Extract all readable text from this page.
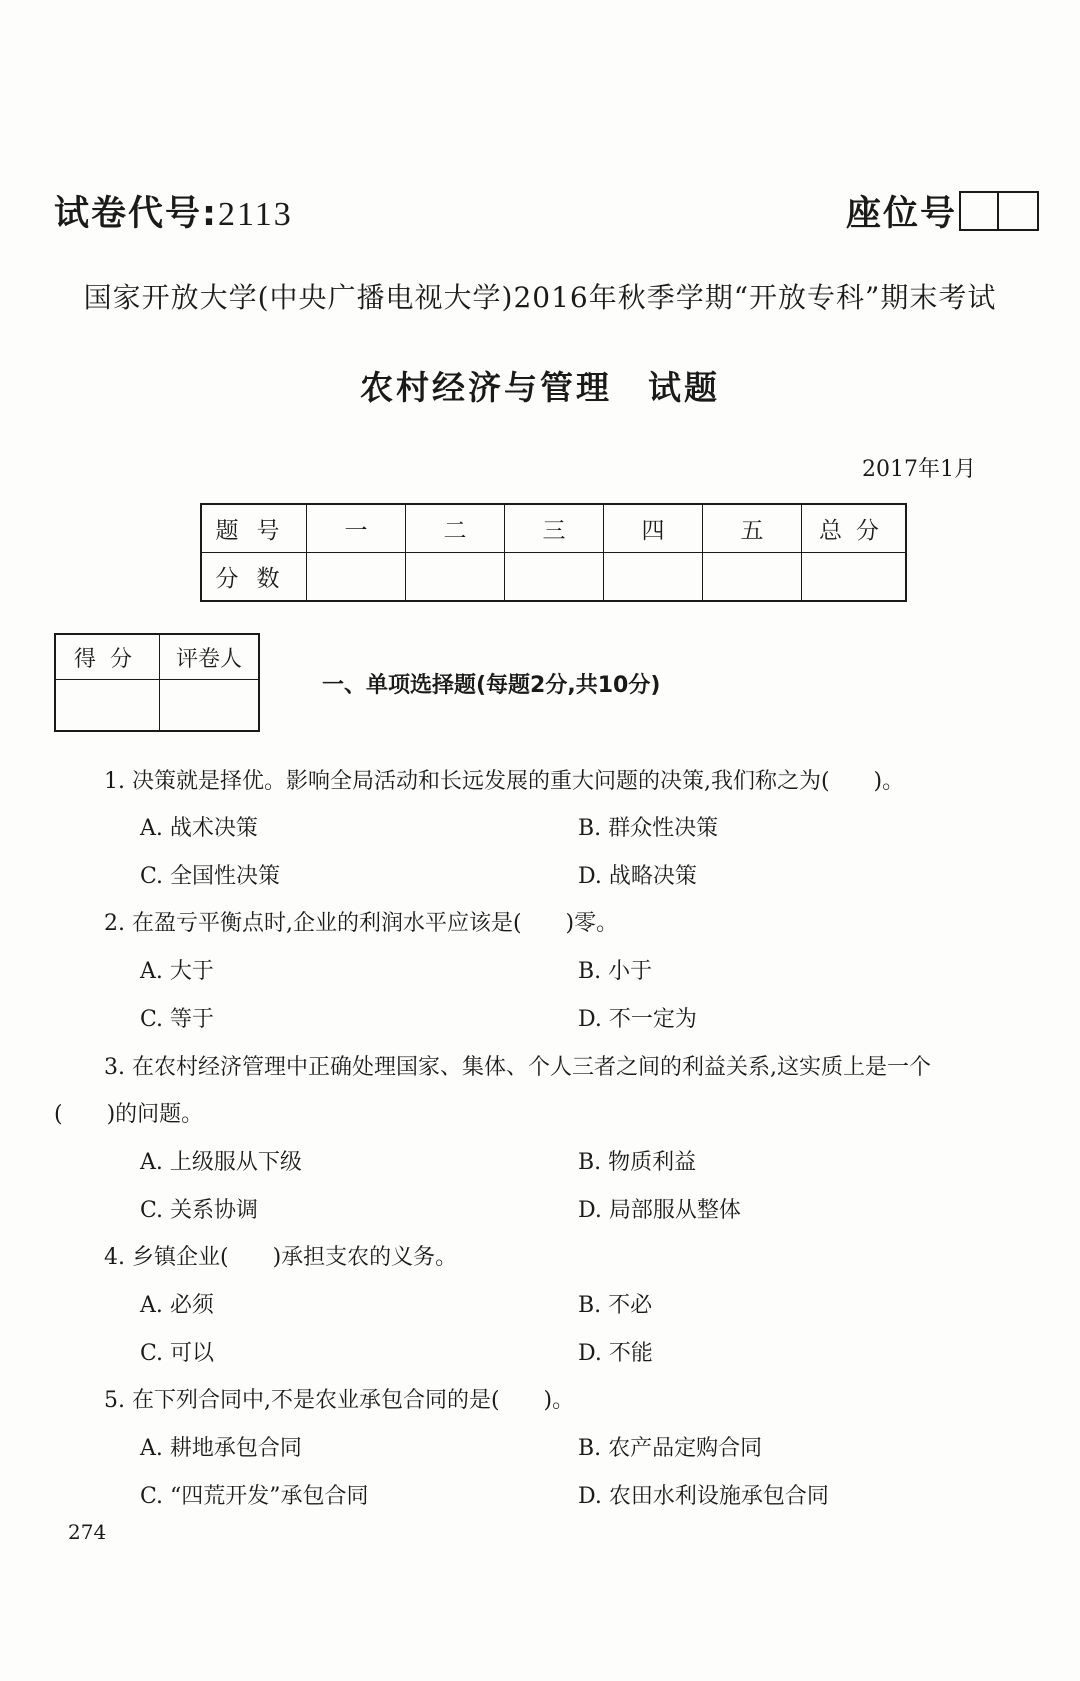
试卷代号:2113	座位号
国家开放大学(中央广播电视大学)2016年秋季学期“开放专科”期末考试
农村经济与管理　试题
2017年1月
题号	一	二	三	四	五	总分
分数						
得分	评卷人

一、单项选择题(每题2分,共10分)
1. 决策就是择优。影响全局活动和长远发展的重大问题的决策,我们称之为(　　)。
A. 战术决策	B. 群众性决策
C. 全国性决策	D. 战略决策
2. 在盈亏平衡点时,企业的利润水平应该是(　　)零。
A. 大于	B. 小于
C. 等于	D. 不一定为
3. 在农村经济管理中正确处理国家、集体、个人三者之间的利益关系,这实质上是一个
(　　)的问题。
A. 上级服从下级	B. 物质利益
C. 关系协调	D. 局部服从整体
4. 乡镇企业(　　)承担支农的义务。
A. 必须	B. 不必
C. 可以	D. 不能
5. 在下列合同中,不是农业承包合同的是(　　)。
A. 耕地承包合同	B. 农产品定购合同
C. “四荒开发”承包合同	D. 农田水利设施承包合同
274
